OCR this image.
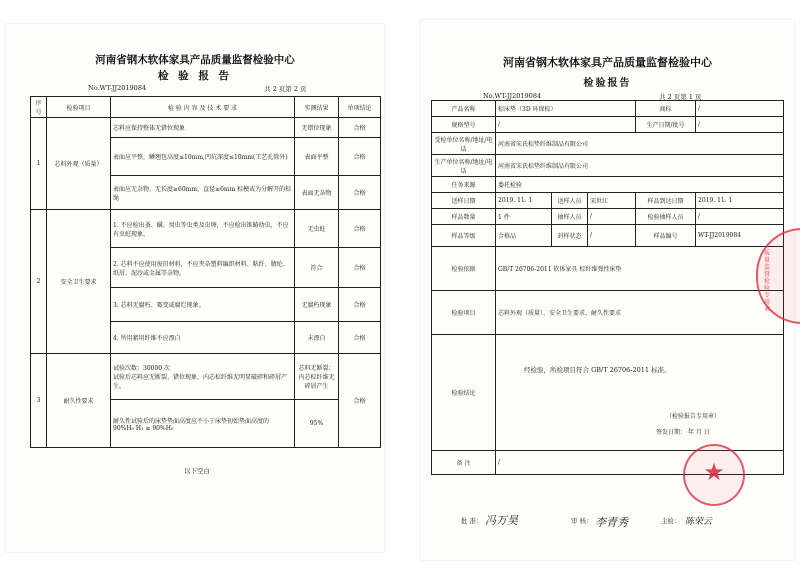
河南省钢木软体家具产品质量监督检验中心
检 验 报 告
No.WT-JJ2019084	共 2 页第 2 页
序号	检验项目	检 验 内 容 及 技 术 要 求	实测结果	单项结论
1	芯料外观（质量）	芯料应保持整体无错位现象	无错位现象	合格
表面应平整，鳞翘包高度≤10mm,凹坑深度≤10mm(工艺孔除外)	表面平整	合格
表面应无杂物，无长度≥60mm、直径≥6mm 棕梗或为分解开的棕绳	表面无杂物	合格
2	安全卫生要求	1. 不应检出蚤、螨、臭虫等虫类及虫卵，不应检出锥蝽幼虫，不应有虫蛀现象。	无虫蛀	合格
2. 芯料不应使用废旧材料，不应夹杂塑料编织材料、粘纤、腈纶、纸屑、泥沙或金属等杂物。	符合	合格
3. 芯料无腐朽、霉变或腐烂现象。	无腐朽现象	合格
4. 所用絮用纤维不应漂白	未漂白	合格
3	耐久性要求	试验次数：30000 次
试验后芯料应无断裂、错位现象，内芯棕纤维无明显破碎和碎屑产生。	芯料无断裂；内芯棕纤维无碎屑产生	合格
耐久性试验后的床垫垫面高度应不小于床垫初始垫面高度的
90%H₀ H₁ ≥ 90%H₀	95%
以下空白
河南省钢木软体家具产品质量监督检验中心
检验报告
No.WT-JJ2019084	共 2 页第 1 页
产品名称	棕床垫（3D 环保棕）	商标	/
规格型号	/	生产日期/批号	/
受检单位名称/地址/电话	河南省宋氏棕垫纤维制品有限公司
生产单位名称/地址/电话	河南省宋氏棕垫纤维制品有限公司
任务来源	委托检验
送样日期	2019. 11. 1	送样人员	宋世江	样品到达日期	2019. 11. 1
样品数量	1 件	抽样人员	/	检验抽样人员	/
样品等级	合格品	封样状态	/	样品编号	WT-JJ2019084
检验依据	GB/T 26706-2011 软体家具 棕纤维弹性床垫
检验项目	芯料外观（质量）、安全卫生要求、耐久性要求
检验结论	
经检验，所检项目符合 GB/T 26706-2011 标准。
（检验报告专用章）
签发日期： 年 月 日

备 注	/
批 准： 冯万昊	审 核： 李青秀	主检： 陈荣云
★
质量监督检验专用章
